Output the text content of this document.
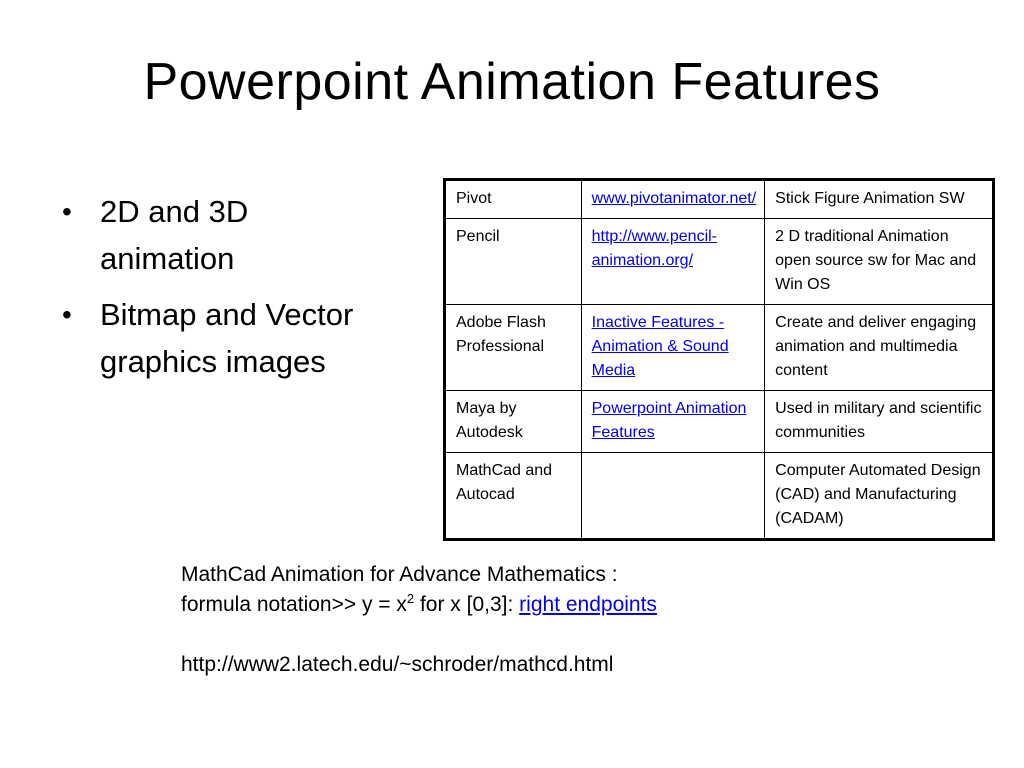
Powerpoint Animation Features
• 2D and 3D animation
• Bitmap and Vector graphics images
Pivot	www.pivotanimator.net/	Stick Figure Animation SW
Pencil	http://www.pencil-animation.org/	2 D traditional Animation open source sw for Mac and Win OS
Adobe Flash Professional	Inactive Features - Animation & Sound Media	Create and deliver engaging animation and multimedia content
Maya by Autodesk	Powerpoint Animation Features	Used in military and scientific communities
MathCad and Autocad		Computer Automated Design (CAD) and Manufacturing (CADAM)
MathCad Animation for Advance Mathematics :
formula notation>> $y = x^2$ for x [0,3]: right endpoints
http://www2.latech.edu/~schroder/mathcd.html
